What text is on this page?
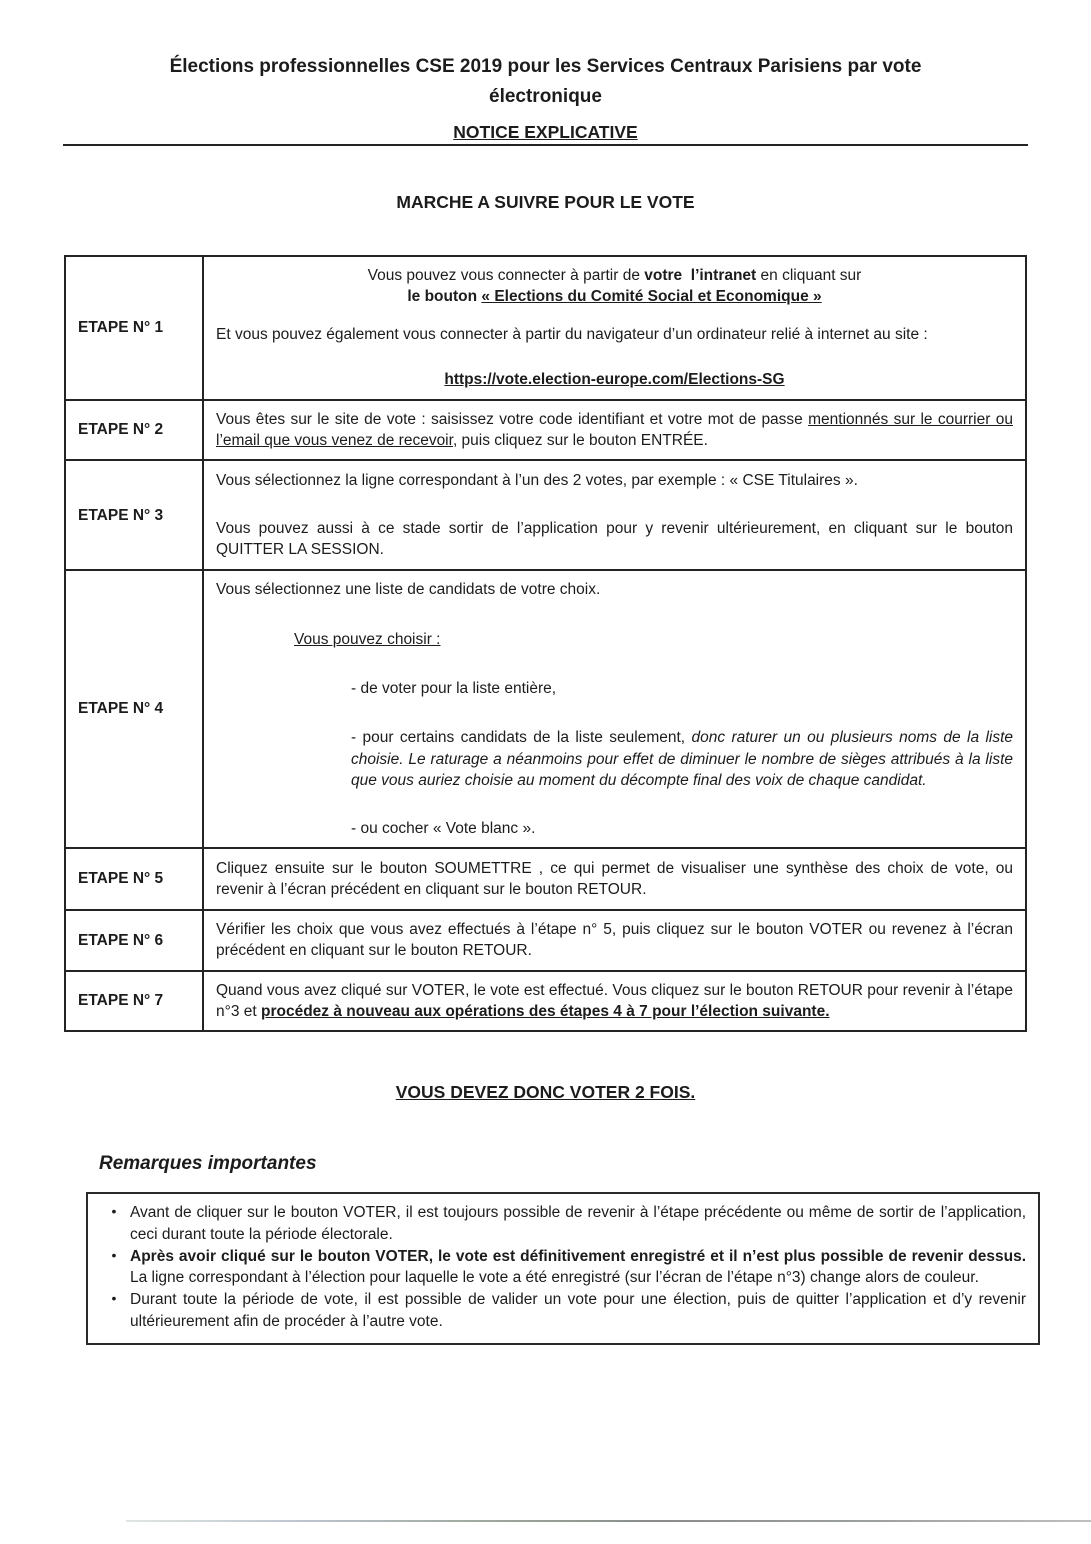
Élections professionnelles CSE 2019 pour les Services Centraux Parisiens par vote
électronique
NOTICE EXPLICATIVE
MARCHE A SUIVRE POUR LE VOTE
ETAPE N° 1	Vous pouvez vous connecter à partir de votre  l’intranet en cliquant sur

le bouton « Elections du Comité Social et Economique »

Et vous pouvez également vous connecter à partir du navigateur d’un ordinateur relié à internet au site :

https://vote.election-europe.com/Elections-SG

ETAPE N° 2	Vous êtes sur le site de vote : saisissez votre code identifiant et votre mot de passe mentionnés sur le courrier ou l’email que vous venez de recevoir, puis cliquez sur le bouton ENTRÉE.

ETAPE N° 3	Vous sélectionnez la ligne correspondant à l’un des 2 votes, par exemple : « CSE Titulaires ».

Vous pouvez aussi à ce stade sortir de l’application pour y revenir ultérieurement, en cliquant sur le bouton QUITTER LA SESSION.

ETAPE N° 4	Vous sélectionnez une liste de candidats de votre choix.

Vous pouvez choisir :

- de voter pour la liste entière,

- pour certains candidats de la liste seulement, donc raturer un ou plusieurs noms de la liste choisie. Le raturage a néanmoins pour effet de diminuer le nombre de sièges attribués à la liste que vous auriez choisie au moment du décompte final des voix de chaque candidat.

- ou cocher « Vote blanc ».

ETAPE N° 5	Cliquez ensuite sur le bouton SOUMETTRE , ce qui permet de visualiser une synthèse des choix de vote, ou revenir à l’écran précédent en cliquant sur le bouton RETOUR.

ETAPE N° 6	Vérifier les choix que vous avez effectués à l’étape n° 5, puis cliquez sur le bouton VOTER ou revenez à l’écran précédent en cliquant sur le bouton RETOUR.

ETAPE N° 7	Quand vous avez cliqué sur VOTER, le vote est effectué. Vous cliquez sur le bouton RETOUR pour revenir à l’étape n°3 et procédez à nouveau aux opérations des étapes 4 à 7 pour l’élection suivante.

VOUS DEVEZ DONC VOTER 2 FOIS.
Remarques importantes
• Avant de cliquer sur le bouton VOTER, il est toujours possible de revenir à l’étape précédente ou même de sortir de l’application, ceci durant toute la période électorale.

• Après avoir cliqué sur le bouton VOTER, le vote est définitivement enregistré et il n’est plus possible de revenir dessus. La ligne correspondant à l’élection pour laquelle le vote a été enregistré (sur l’écran de l’étape n°3) change alors de couleur.

• Durant toute la période de vote, il est possible de valider un vote pour une élection, puis de quitter l’application et d’y revenir ultérieurement afin de procéder à l’autre vote.
